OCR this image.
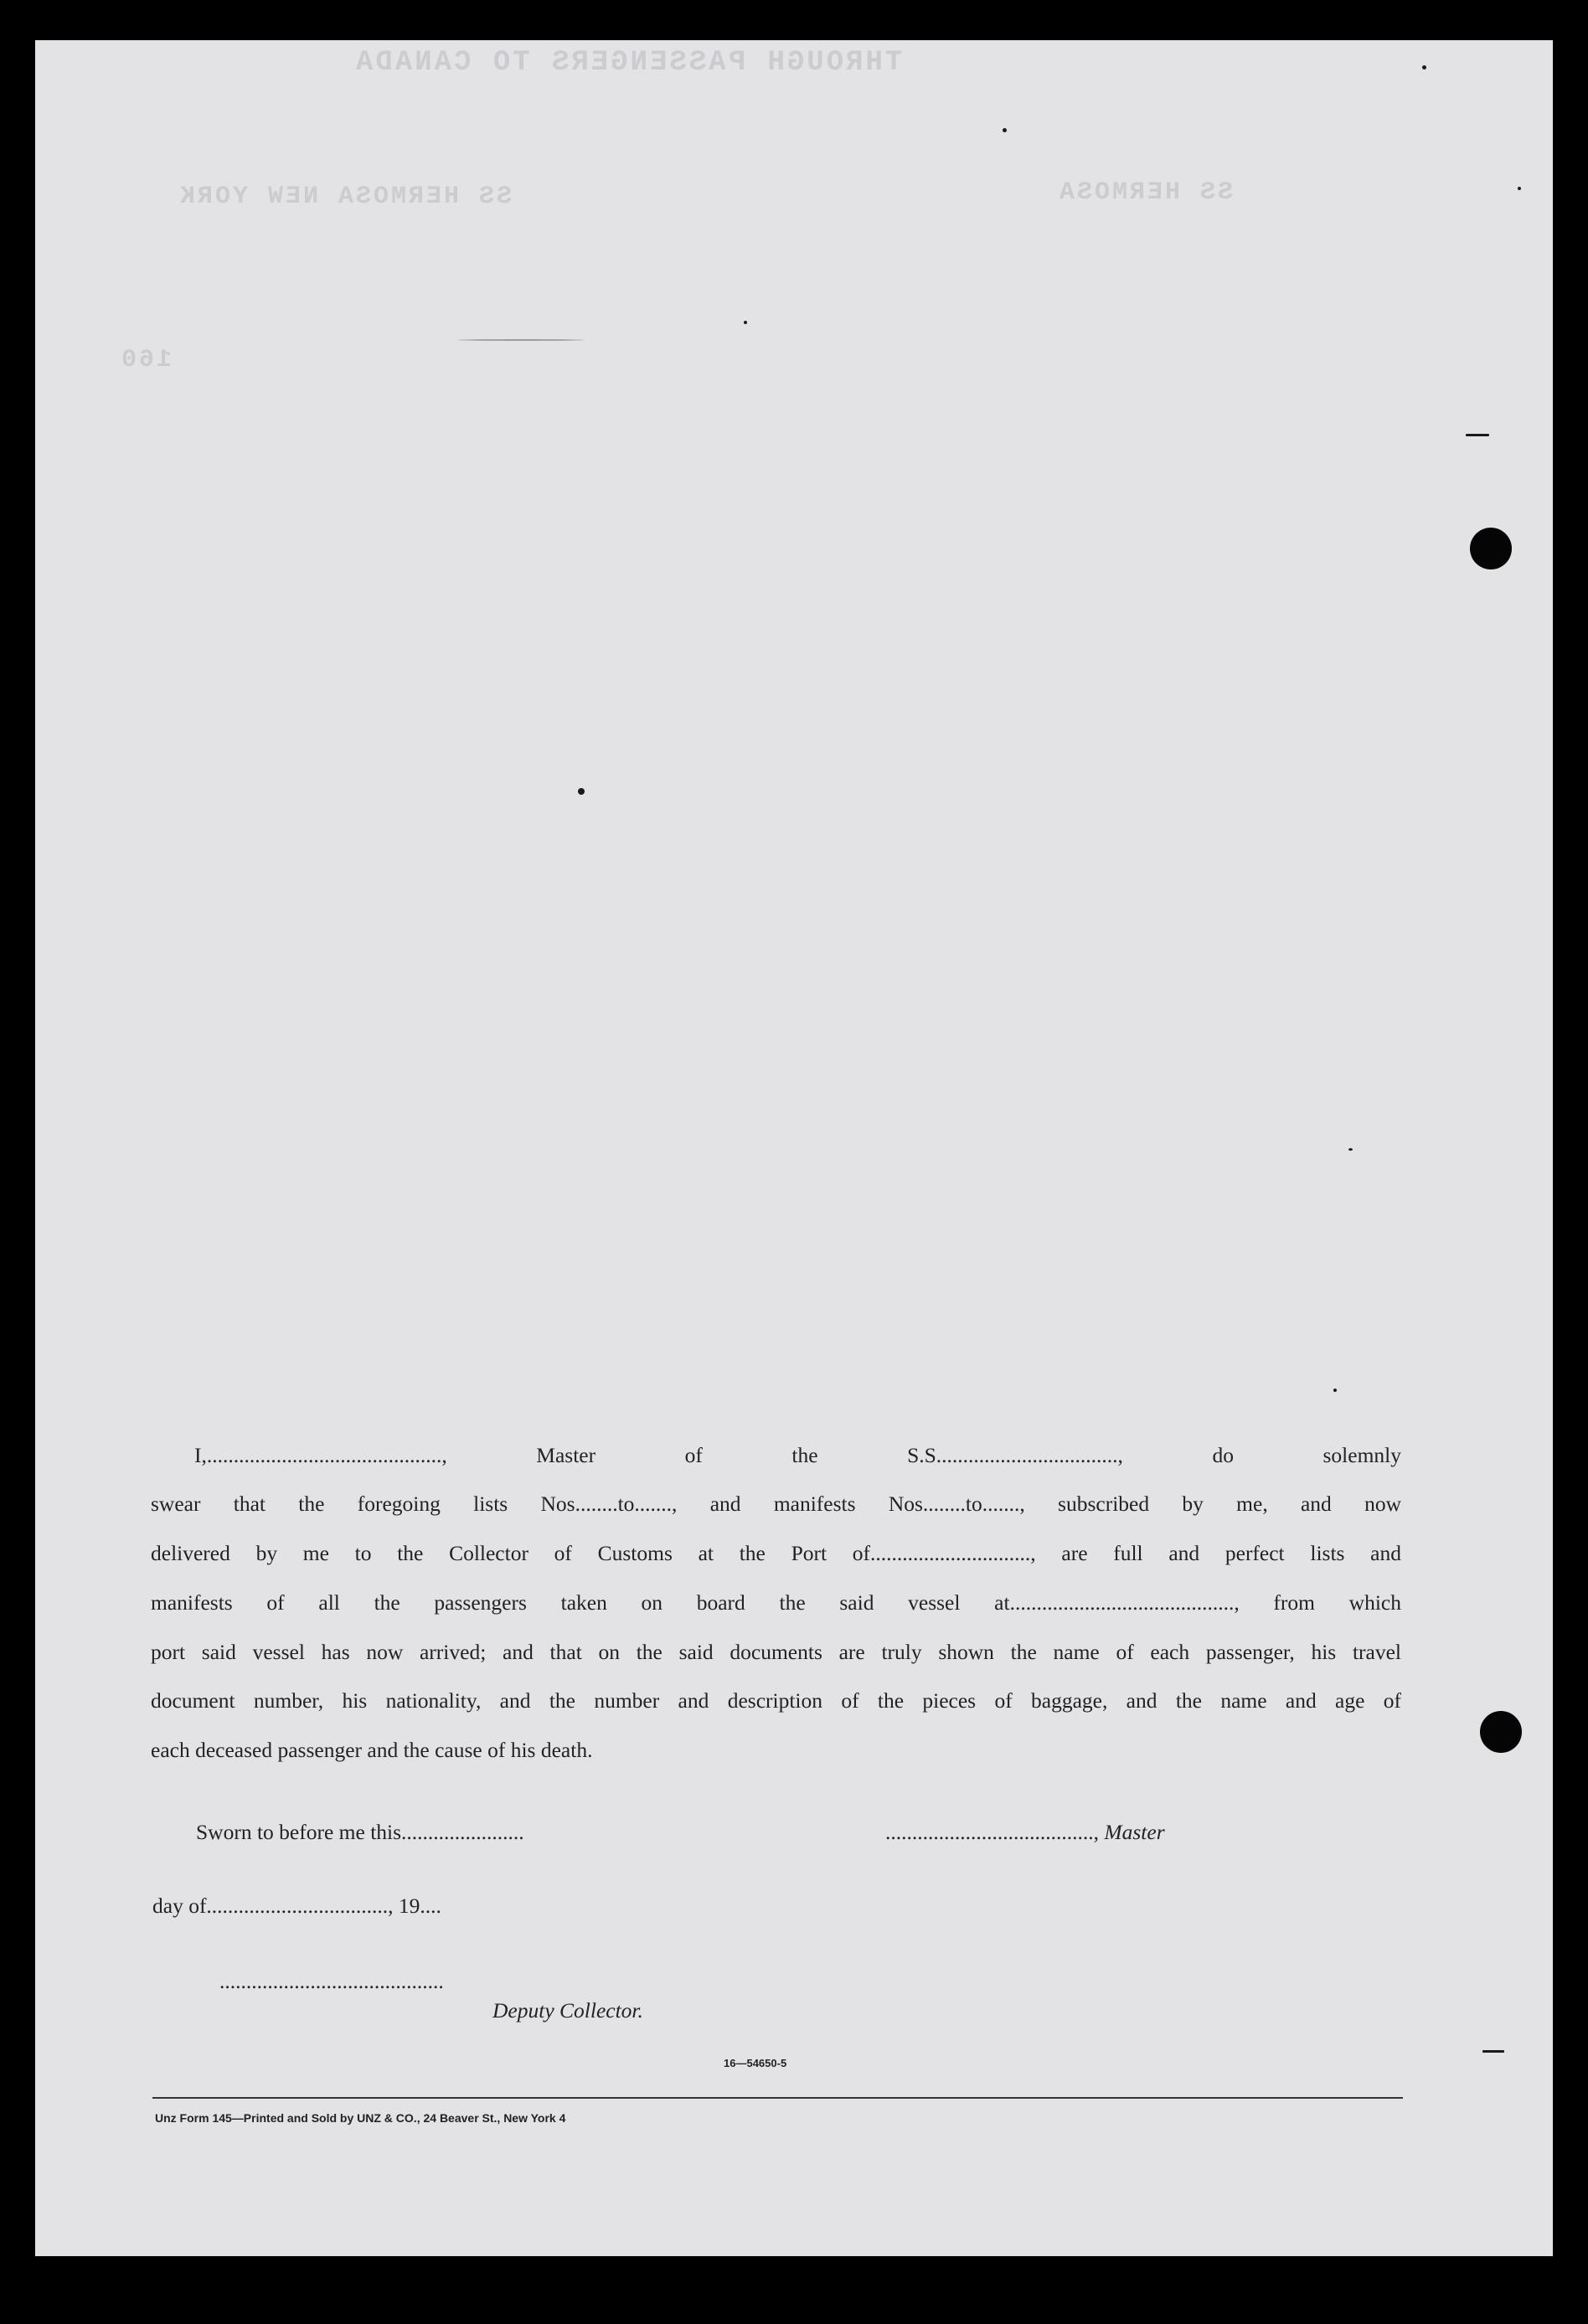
THROUGH PASSENGERS TO CANADA
SS HERMOSA NEW YORK	SS HERMOSA
160
I,............................................, Master of the S.S.................................., do solemnly
swear that the foregoing lists Nos........to......., and manifests Nos........to......., subscribed by me, and now
delivered by me to the Collector of Customs at the Port of.............................., are full and perfect lists and
manifests of all the passengers taken on board the said vessel at.........................................., from which
port said vessel has now arrived; and that on the said documents are truly shown the name of each passenger, his travel
document number, his nationality, and the number and description of the pieces of baggage, and the name and age of
each deceased passenger and the cause of his death.
Sworn to before me this.......................	......................................., Master
day of.................................., 19....
..........................................
Deputy Collector.
16—54650-5
Unz Form 145—Printed and Sold by UNZ & CO., 24 Beaver St., New York 4
